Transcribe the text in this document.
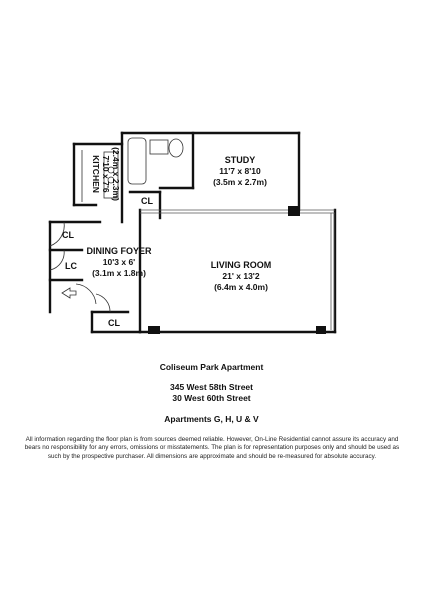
STUDY
11'7 x 8'10
(3.5m x 2.7m)
KITCHEN 7'10 x 7'6 (2.4m x 2.3m)
DINING FOYER
10'3 x 6'
(3.1m x 1.8m)
LIVING ROOM
21' x 13'2
(6.4m x 4.0m)
CL
CL
LC
CL
Coliseum Park Apartment
345 West 58th Street
30 West 60th Street
Apartments G, H, U & V
All information regarding the floor plan is from sources deemed reliable. However, On-Line Residential cannot assure its accuracy and bears no responsibility for any errors, omissions or misstatements. The plan is for representation purposes only and should be used as such by the prospective purchaser. All dimensions are approximate and should be re-measured for absolute accuracy.
